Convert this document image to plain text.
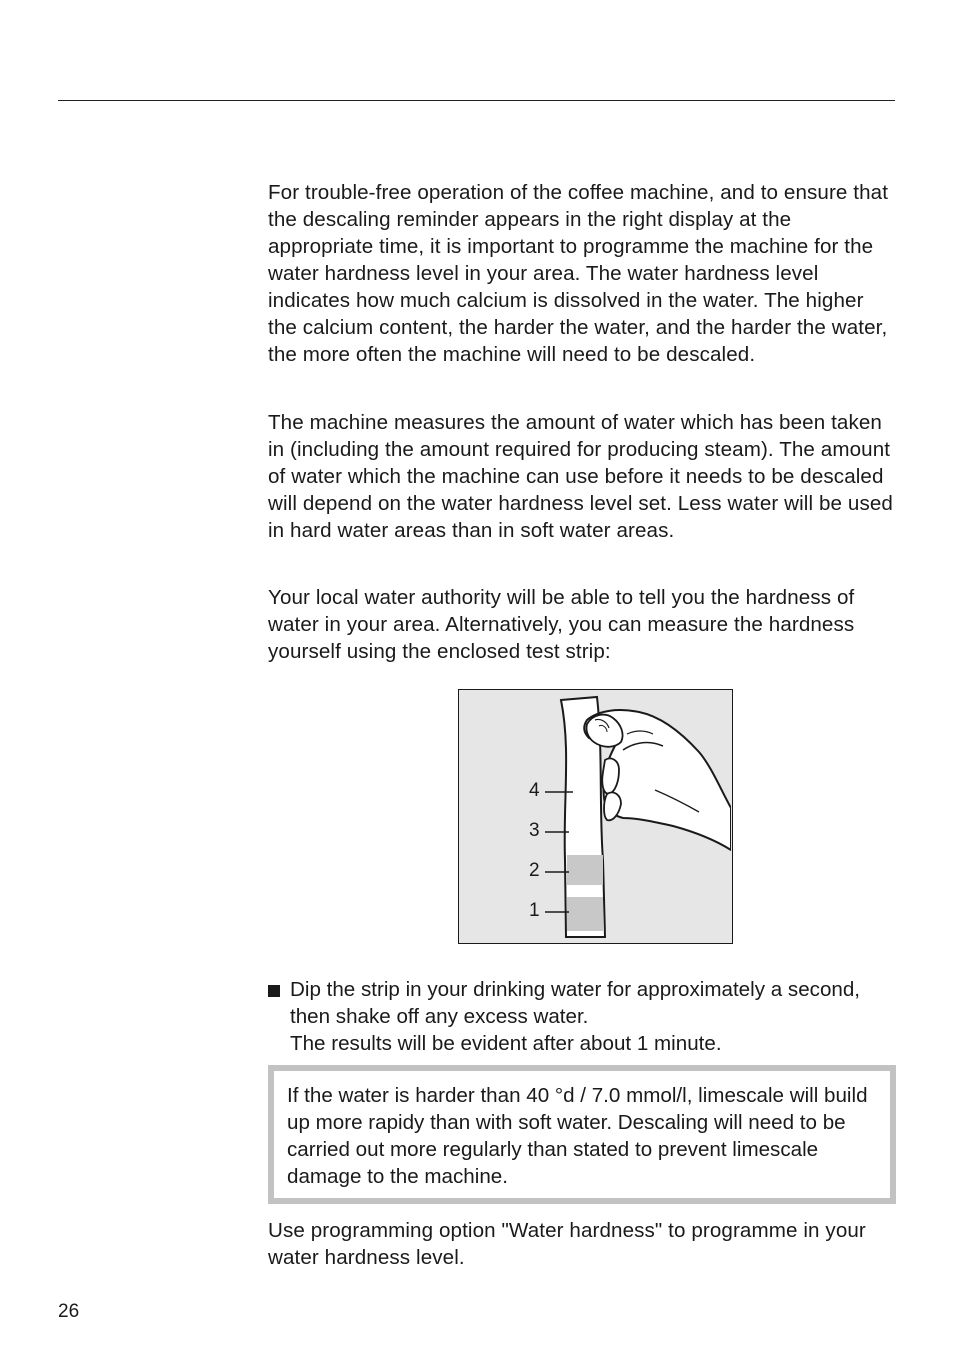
For trouble-free operation of the coffee machine, and to ensure that the descaling reminder appears in the right display at the appropriate time, it is important to programme the machine for the water hardness level in your area. The water hardness level indicates how much calcium is dissolved in the water. The higher the calcium content, the harder the water, and the harder the water, the more often the machine will need to be descaled.

The machine measures the amount of water which has been taken in (including the amount required for producing steam). The amount of water which the machine can use before it needs to be descaled will depend on the water hardness level set. Less water will be used in hard water areas than in soft water areas.

Your local water authority will be able to tell you the hardness of water in your area. Alternatively, you can measure the hardness yourself using the enclosed test strip:

4
3
2
1
Dip the strip in your drinking water for approximately a second, then shake off any excess water.
The results will be evident after about 1 minute.
If the water is harder than 40 °d / 7.0 mmol/l, limescale will build up more rapidy than with soft water. Descaling will need to be carried out more regularly than stated to prevent limescale damage to the machine.

Use programming option "Water hardness" to programme in your water hardness level.

26
